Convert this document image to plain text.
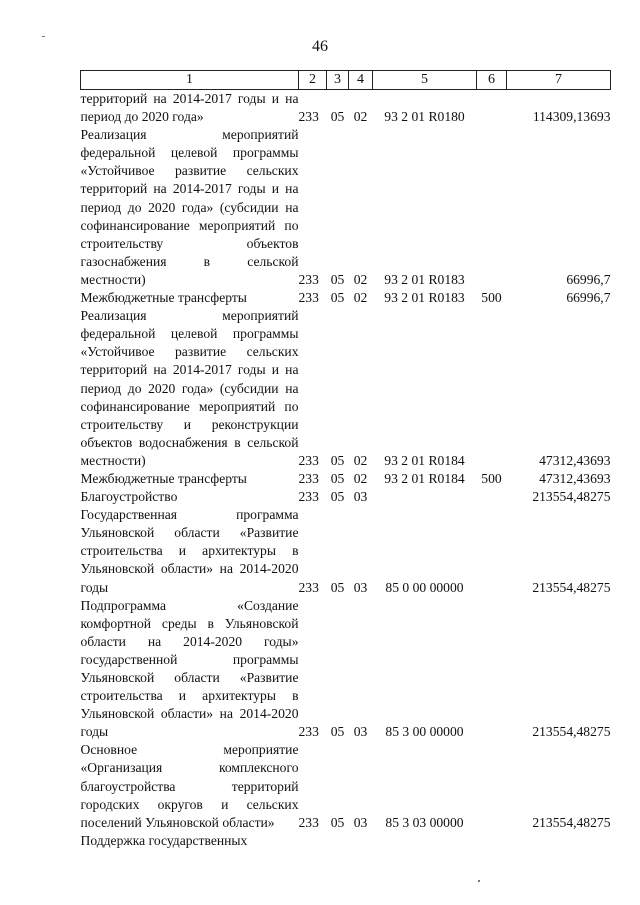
46
1	2	3	4	5	6	7
территорий на 2014-2017 годы и на период до 2020 года»	233	05	02	93 2 01 R0180		114309,13693
Реализация мероприятий федеральной целевой программы «Устойчивое развитие сельских территорий на 2014-2017 годы и на период до 2020 года» (субсидии на софинансирование мероприятий по строительству объектов газоснабжения в сельской местности)	233	05	02	93 2 01 R0183		66996,7
Межбюджетные трансферты	233	05	02	93 2 01 R0183	500	66996,7
Реализация мероприятий федеральной целевой программы «Устойчивое развитие сельских территорий на 2014-2017 годы и на период до 2020 года» (субсидии на софинансирование мероприятий по строительству и реконструкции объектов водоснабжения в сельской местности)	233	05	02	93 2 01 R0184		47312,43693
Межбюджетные трансферты	233	05	02	93 2 01 R0184	500	47312,43693
Благоустройство	233	05	03			213554,48275
Государственная программа Ульяновской области «Развитие строительства и архитектуры в Ульяновской области» на 2014-2020 годы	233	05	03	85 0 00 00000		213554,48275
Подпрограмма «Создание комфортной среды в Ульяновской области на 2014-2020 годы» государственной программы Ульяновской области «Развитие строительства и архитектуры в Ульяновской области» на 2014-2020 годы	233	05	03	85 3 00 00000		213554,48275
Основное мероприятие «Организация комплексного благоустройства территорий городских округов и сельских поселений Ульяновской области»	233	05	03	85 3 03 00000		213554,48275
Поддержка государственных						
